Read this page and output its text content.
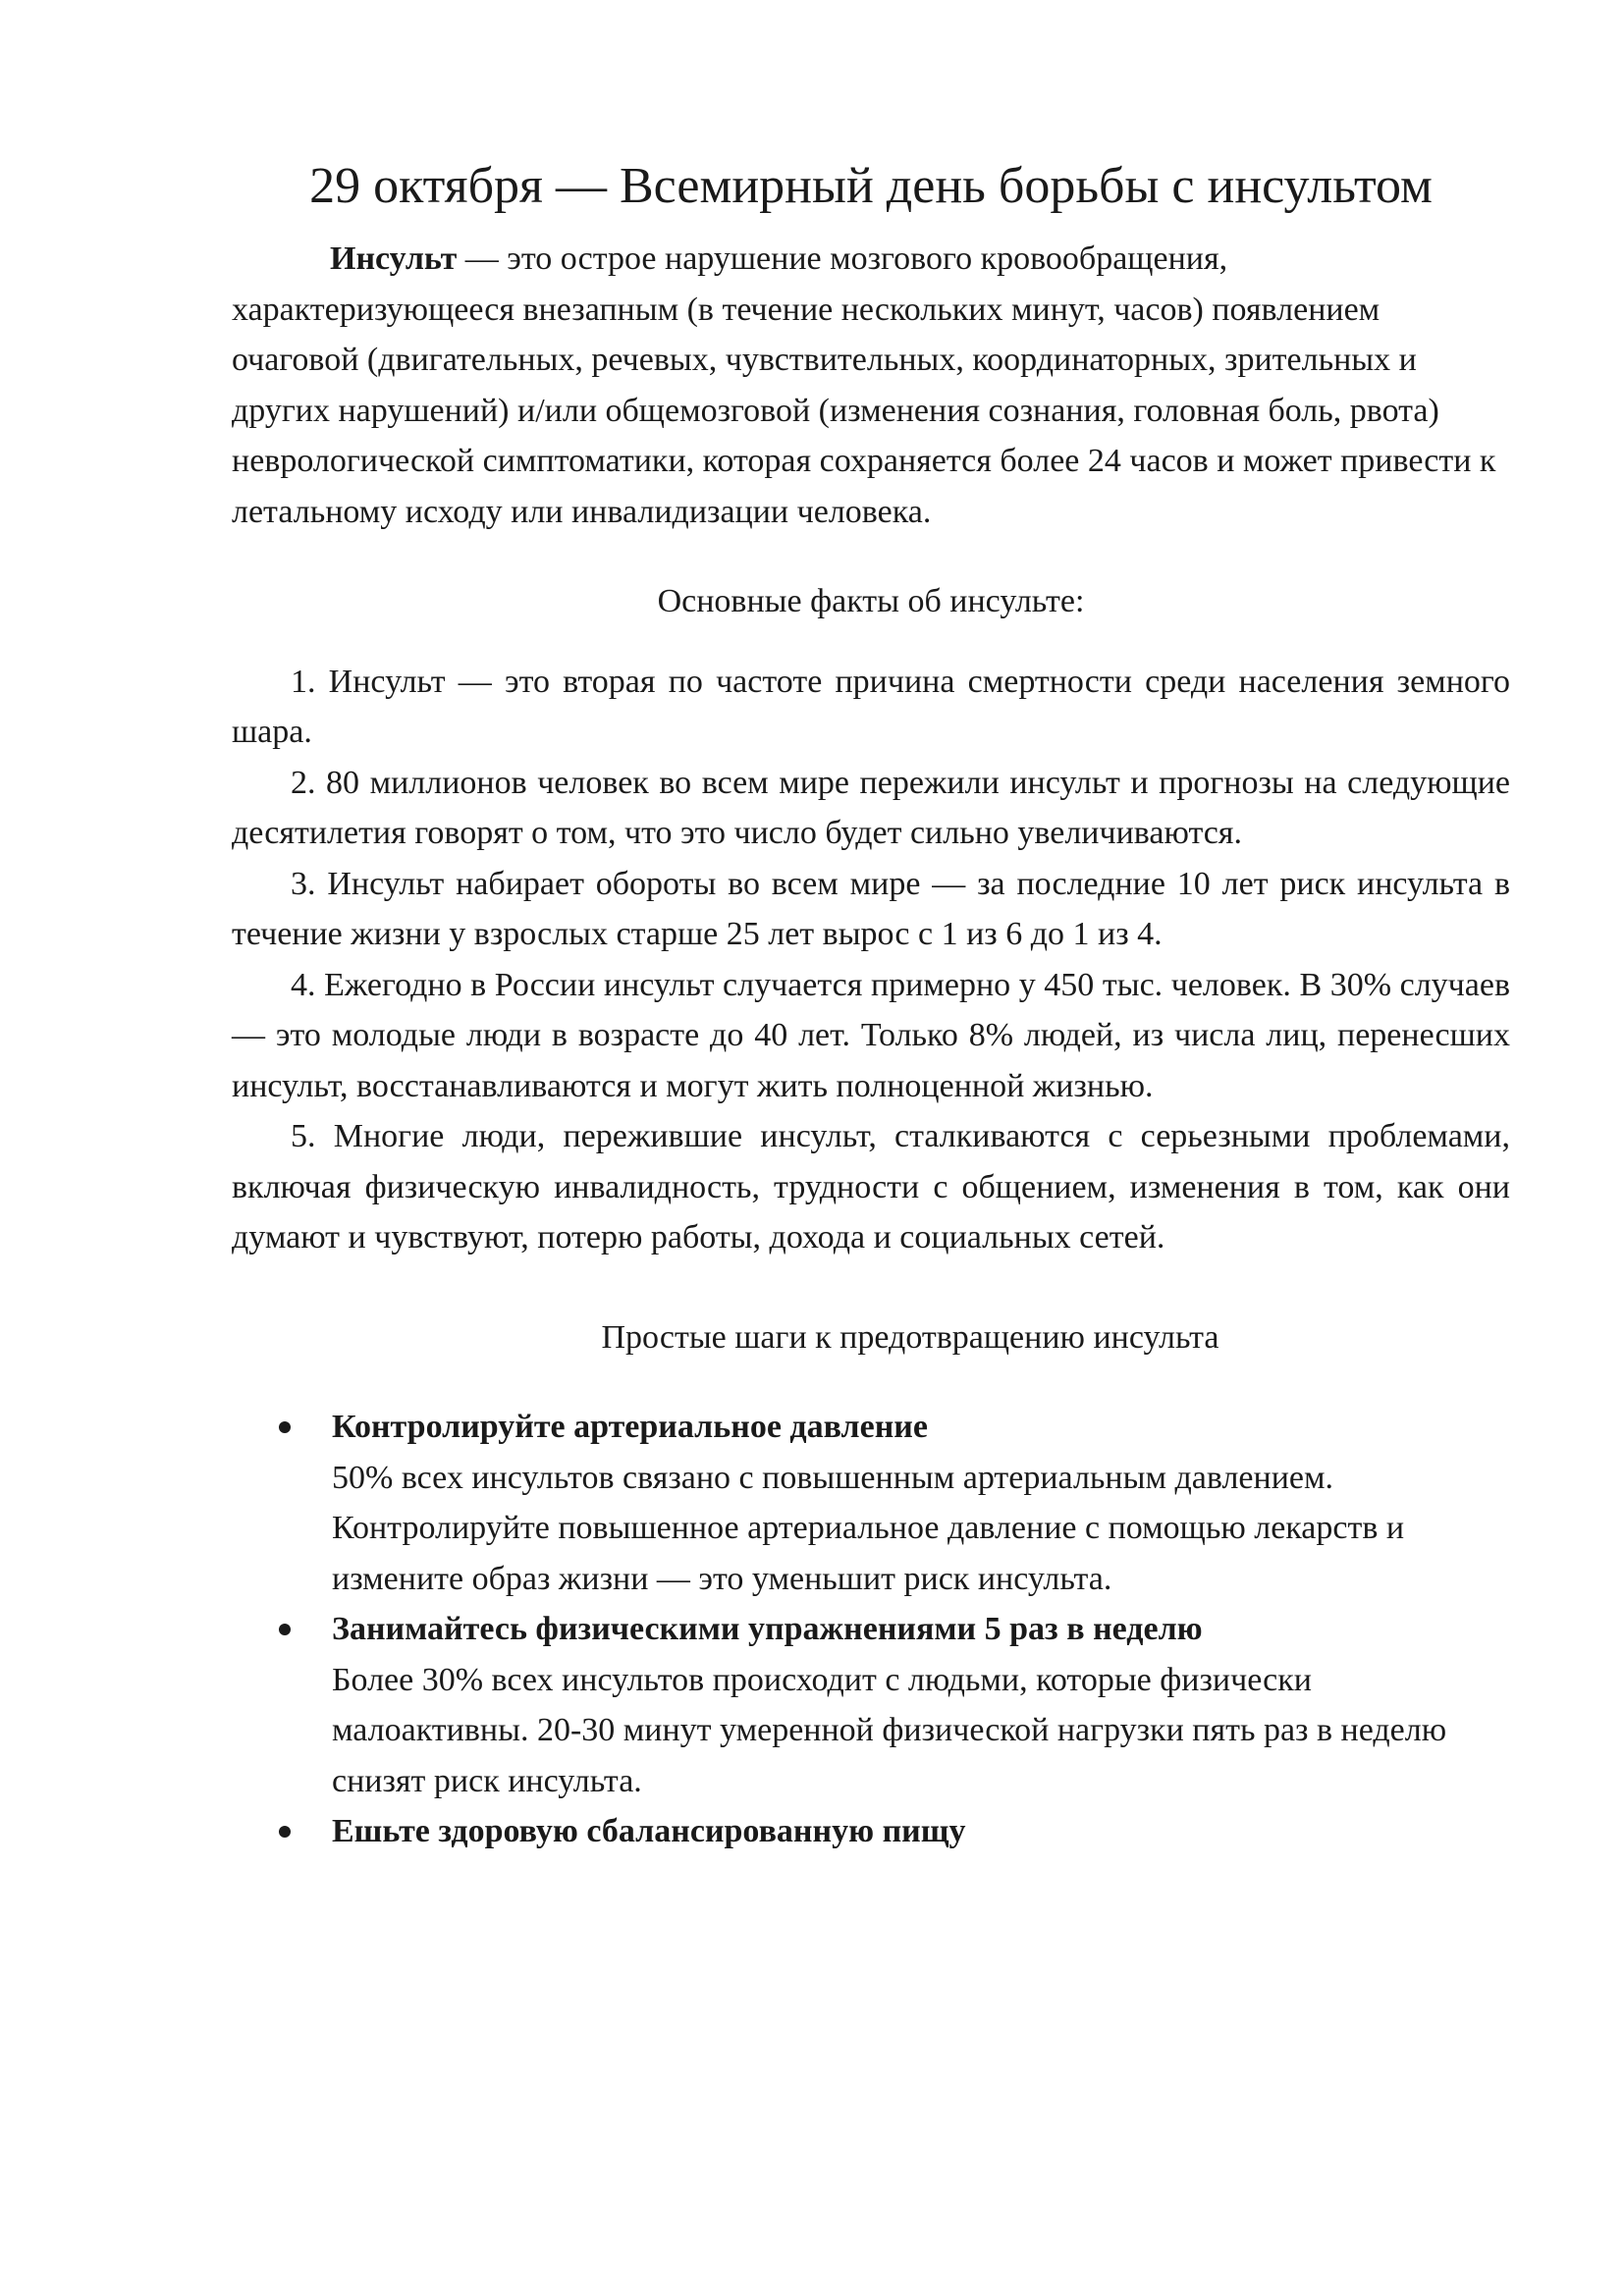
29 октября — Всемирный день борьбы с инсультом

Инсульт — это острое нарушение мозгового кровообращения, характеризующееся внезапным (в течение нескольких минут, часов) появлением очаговой (двигательных, речевых, чувствительных, координаторных, зрительных и других нарушений) и/или общемозговой (изменения сознания, головная боль, рвота) неврологической симптоматики, которая сохраняется более 24 часов и может привести к летальному исходу или инвалидизации человека.

Основные факты об инсульте:

1. Инсульт — это вторая по частоте причина смертности среди населения земного шара.

2. 80 миллионов человек во всем мире пережили инсульт и прогнозы на следующие десятилетия говорят о том, что это число будет сильно увеличиваются.

3. Инсульт набирает обороты во всем мире — за последние 10 лет риск инсульта в течение жизни у взрослых старше 25 лет вырос с 1 из 6 до 1 из 4.

4. Ежегодно в России инсульт случается примерно у 450 тыс. человек. В 30% случаев — это молодые люди в возрасте до 40 лет. Только 8% людей, из числа лиц, перенесших инсульт, восстанавливаются и могут жить полноценной жизнью.

5. Многие люди, пережившие инсульт, сталкиваются с серьезными проблемами, включая физическую инвалидность, трудности с общением, изменения в том, как они думают и чувствуют, потерю работы, дохода и социальных сетей.

Простые шаги к предотвращению инсульта
Контролируйте артериальное давление
50% всех инсультов связано с повышенным артериальным давлением. Контролируйте повышенное артериальное давление с помощью лекарств и измените образ жизни — это уменьшит риск инсульта.
Занимайтесь физическими упражнениями 5 раз в неделю
Более 30% всех инсультов происходит с людьми, которые физически малоактивны. 20-30 минут умеренной физической нагрузки пять раз в неделю снизят риск инсульта.
Ешьте здоровую сбалансированную пищу
